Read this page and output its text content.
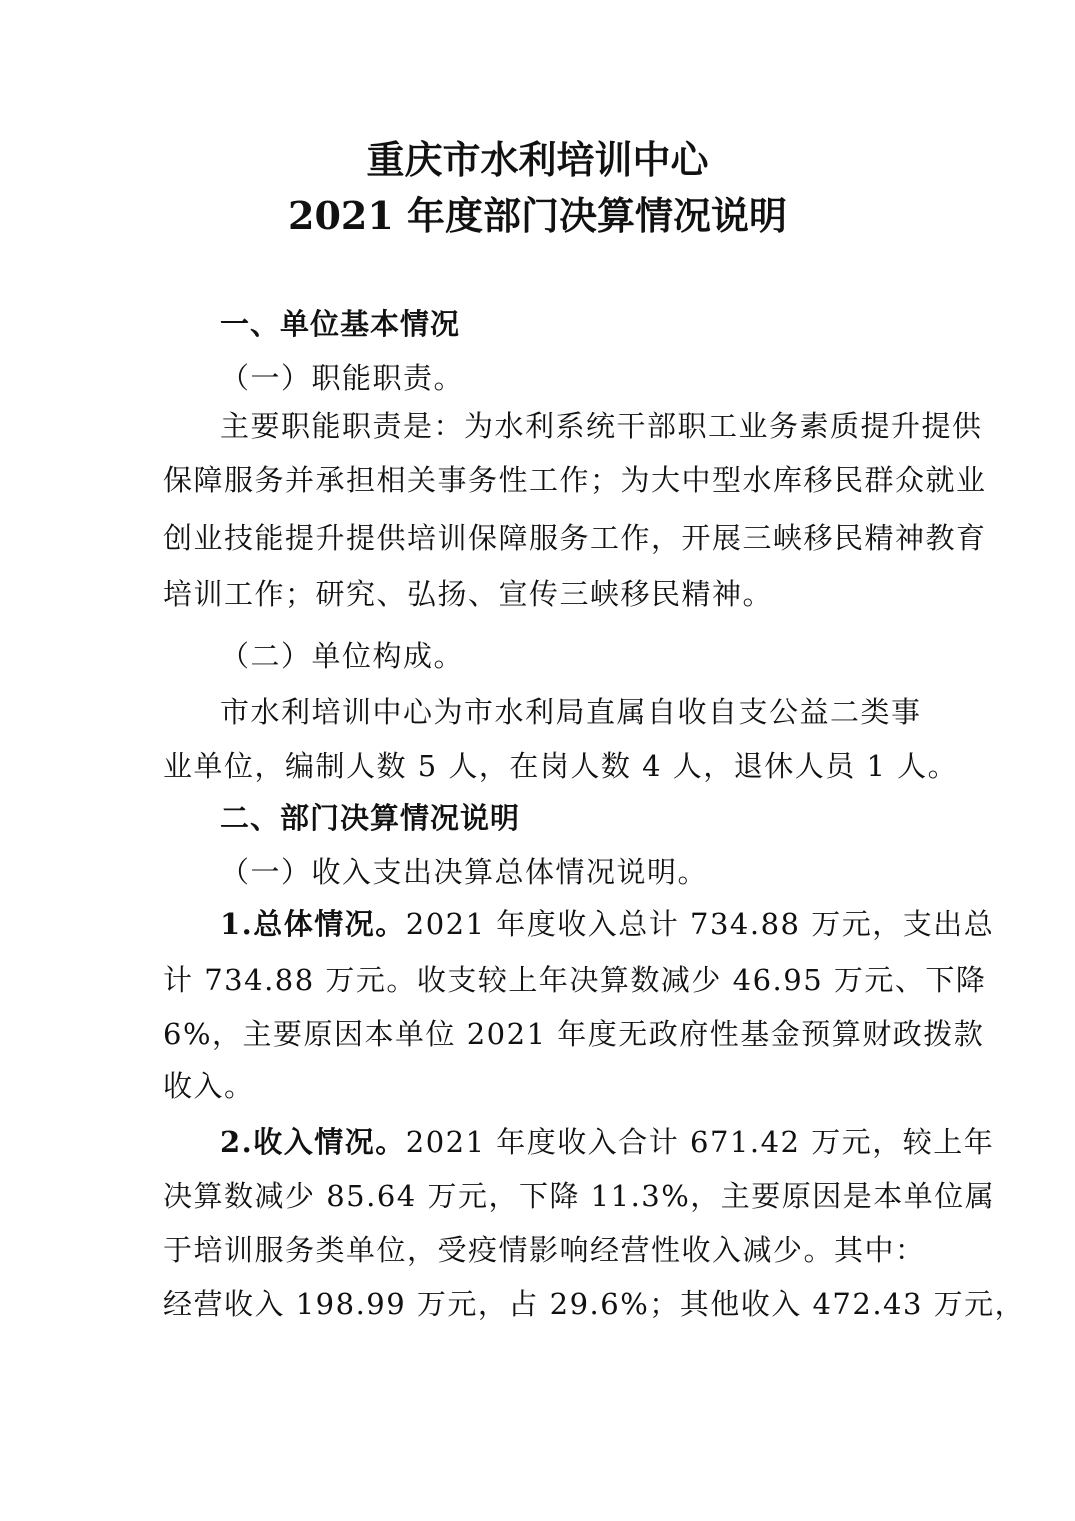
重庆市水利培训中心
2021 年度部门决算情况说明
一、单位基本情况
（一）职能职责。
主要职能职责是：为水利系统干部职工业务素质提升提供
保障服务并承担相关事务性工作；为大中型水库移民群众就业
创业技能提升提供培训保障服务工作，开展三峡移民精神教育
培训工作；研究、弘扬、宣传三峡移民精神。
（二）单位构成。
市水利培训中心为市水利局直属自收自支公益二类事
业单位，编制人数 5 人，在岗人数 4 人，退休人员 1 人。
二、部门决算情况说明
（一）收入支出决算总体情况说明。
1.总体情况。2021 年度收入总计 734.88 万元，支出总
计 734.88 万元。收支较上年决算数减少 46.95 万元、下降
6%，主要原因本单位 2021 年度无政府性基金预算财政拨款
收入。
2.收入情况。2021 年度收入合计 671.42 万元，较上年
决算数减少 85.64 万元，下降 11.3%，主要原因是本单位属
于培训服务类单位，受疫情影响经营性收入减少。其中：
经营收入 198.99 万元，占 29.6%；其他收入 472.43 万元，
